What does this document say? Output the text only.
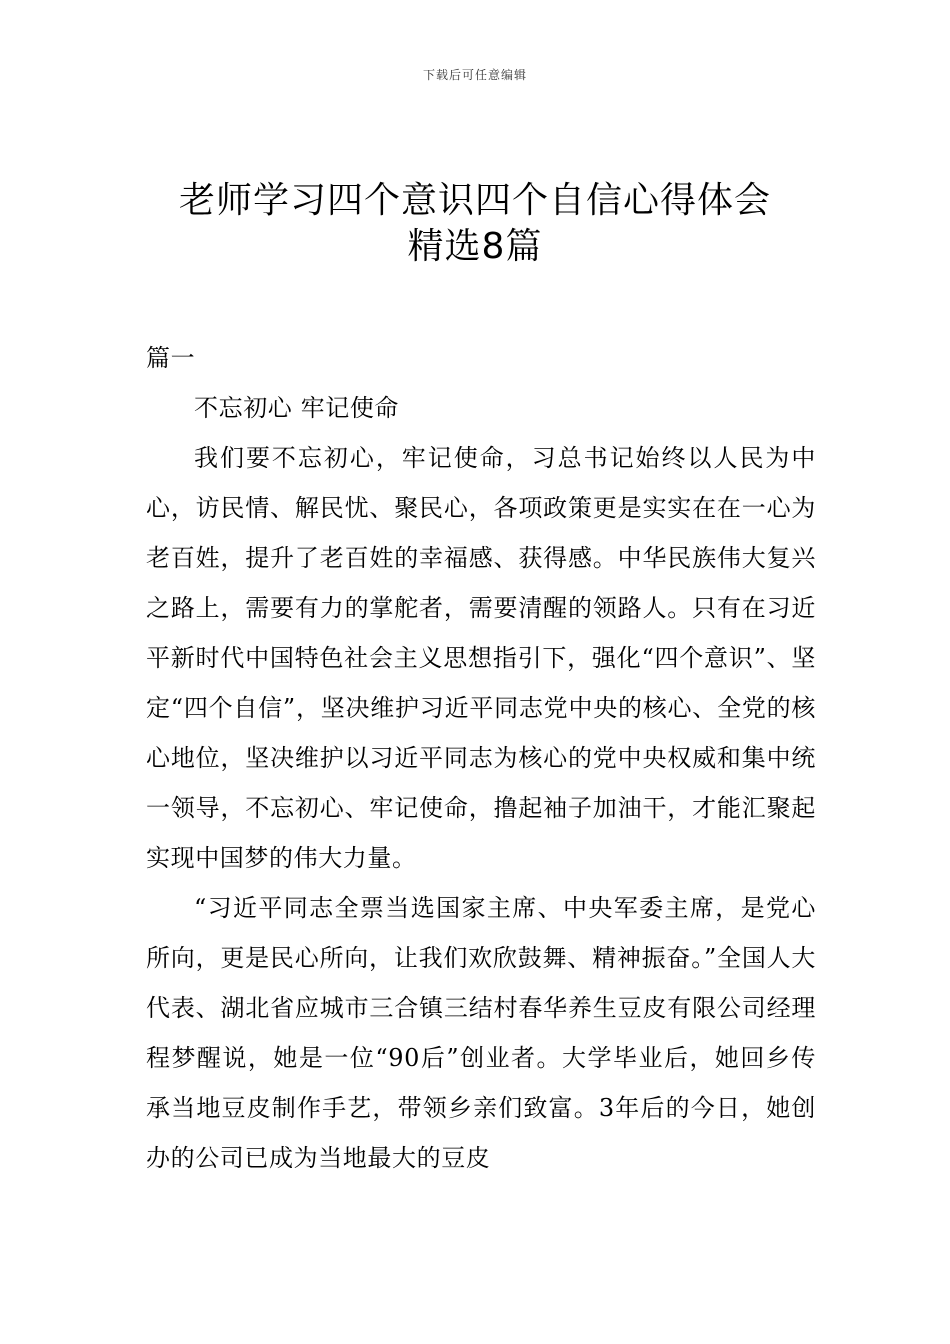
下载后可任意编辑
老师学习四个意识四个自信心得体会
精选8篇

篇一

不忘初心 牢记使命

我们要不忘初心，牢记使命，习总书记始终以人民为中心，访民情、解民忧、聚民心，各项政策更是实实在在一心为老百姓，提升了老百姓的幸福感、获得感。中华民族伟大复兴之路上，需要有力的掌舵者，需要清醒的领路人。只有在习近平新时代中国特色社会主义思想指引下，强化“四个意识”、坚定“四个自信”，坚决维护习近平同志党中央的核心、全党的核心地位，坚决维护以习近平同志为核心的党中央权威和集中统一领导，不忘初心、牢记使命，撸起袖子加油干，才能汇聚起实现中国梦的伟大力量。

“习近平同志全票当选国家主席、中央军委主席，是党心所向，更是民心所向，让我们欢欣鼓舞、精神振奋。”全国人大代表、湖北省应城市三合镇三结村春华养生豆皮有限公司经理程梦醒说，她是一位“90后”创业者。大学毕业后，她回乡传承当地豆皮制作手艺，带领乡亲们致富。3年后的今日，她创办的公司已成为当地最大的豆皮
